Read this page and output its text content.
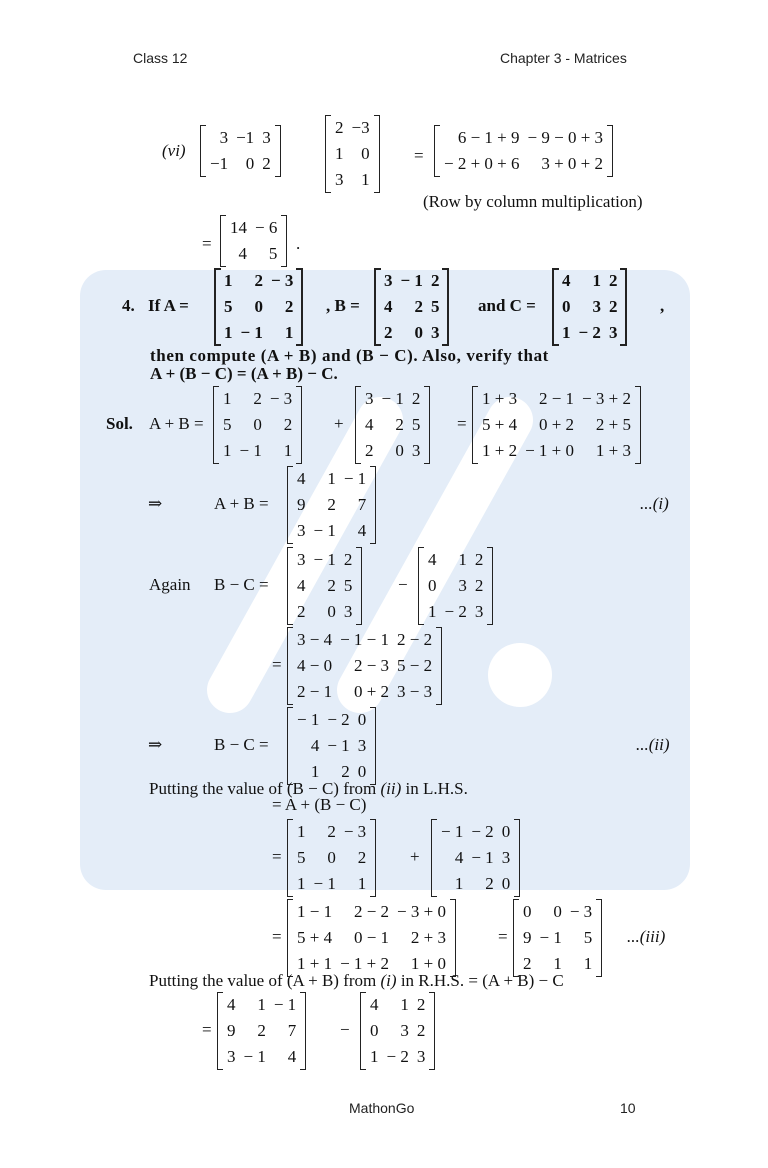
Class 12	Chapter 3 - Matrices
(vi)
3	−1	3
−1	0	2
2	−3
1	0
3	1
=
6 − 1 + 9	− 9 − 0 + 3
− 2 + 0 + 6	3 + 0 + 2
(Row by column multiplication)
=
14	− 6
4	5
.
4. If A =
1	2	− 3
5	0	2
1	− 1	1
, B =
3	− 1	2
4	2	5
2	0	3
and C =
4	1	2
0	3	2
1	− 2	3
,
then compute (A + B) and (B − C). Also, verify that
A + (B − C) = (A + B) − C.
Sol. A + B =
1	2	− 3
5	0	2
1	− 1	1
+
3	− 1	2
4	2	5
2	0	3
=
1 + 3	2 − 1	− 3 + 2
5 + 4	0 + 2	2 + 5
1 + 2	− 1 + 0	1 + 3
⇒	A + B =
4	1	− 1
9	2	7
3	− 1	4
...(i)
Again B − C =
3	− 1	2
4	2	5
2	0	3
−
4	1	2
0	3	2
1	− 2	3
=
3 − 4	− 1 − 1	2 − 2
4 − 0	2 − 3	5 − 2
2 − 1	0 + 2	3 − 3
⇒	B − C =
− 1	− 2	0
4	− 1	3
1	2	0
...(ii)
Putting the value of (B − C) from (ii) in L.H.S.
= A + (B − C)
=
1	2	− 3
5	0	2
1	− 1	1
+
− 1	− 2	0
4	− 1	3
1	2	0
=
1 − 1	2 − 2	− 3 + 0
5 + 4	0 − 1	2 + 3
1 + 1	− 1 + 2	1 + 0
=
0	0	− 3
9	− 1	5
2	1	1
...(iii)
Putting the value of (A + B) from (i) in R.H.S. = (A + B) − C
=
4	1	− 1
9	2	7
3	− 1	4
−
4	1	2
0	3	2
1	− 2	3
MathonGo	10
